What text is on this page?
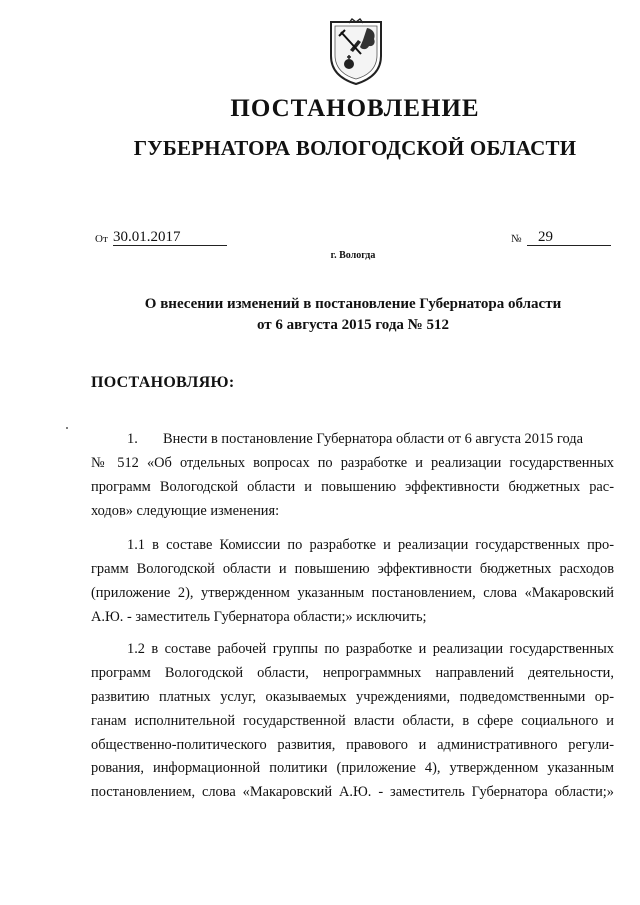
ПОСТАНОВЛЕНИЕ
ГУБЕРНАТОРА ВОЛОГОДСКОЙ ОБЛАСТИ
От 30.01.2017	№ 29
г. Вологда
О внесении изменений в постановление Губернатора области
от 6 августа 2015 года № 512
ПОСТАНОВЛЯЮ:
1. Внести в постановление Губернатора области от 6 августа 2015 года
№ 512 «Об отдельных вопросах по разработке и реализации государственных
программ Вологодской области и повышению эффективности бюджетных рас-
ходов» следующие изменения:
1.1 в составе Комиссии по разработке и реализации государственных про-
грамм Вологодской области и повышению эффективности бюджетных расходов
(приложение 2), утвержденном указанным постановлением, слова «Макаровский
А.Ю. - заместитель Губернатора области;» исключить;
1.2 в составе рабочей группы по разработке и реализации государственных
программ Вологодской области, непрограммных направлений деятельности,
развитию платных услуг, оказываемых учреждениями, подведомственными ор-
ганам исполнительной государственной власти области, в сфере социального и
общественно-политического развития, правового и административного регули-
рования, информационной политики (приложение 4), утвержденном указанным
постановлением, слова «Макаровский А.Ю. - заместитель Губернатора области;»
